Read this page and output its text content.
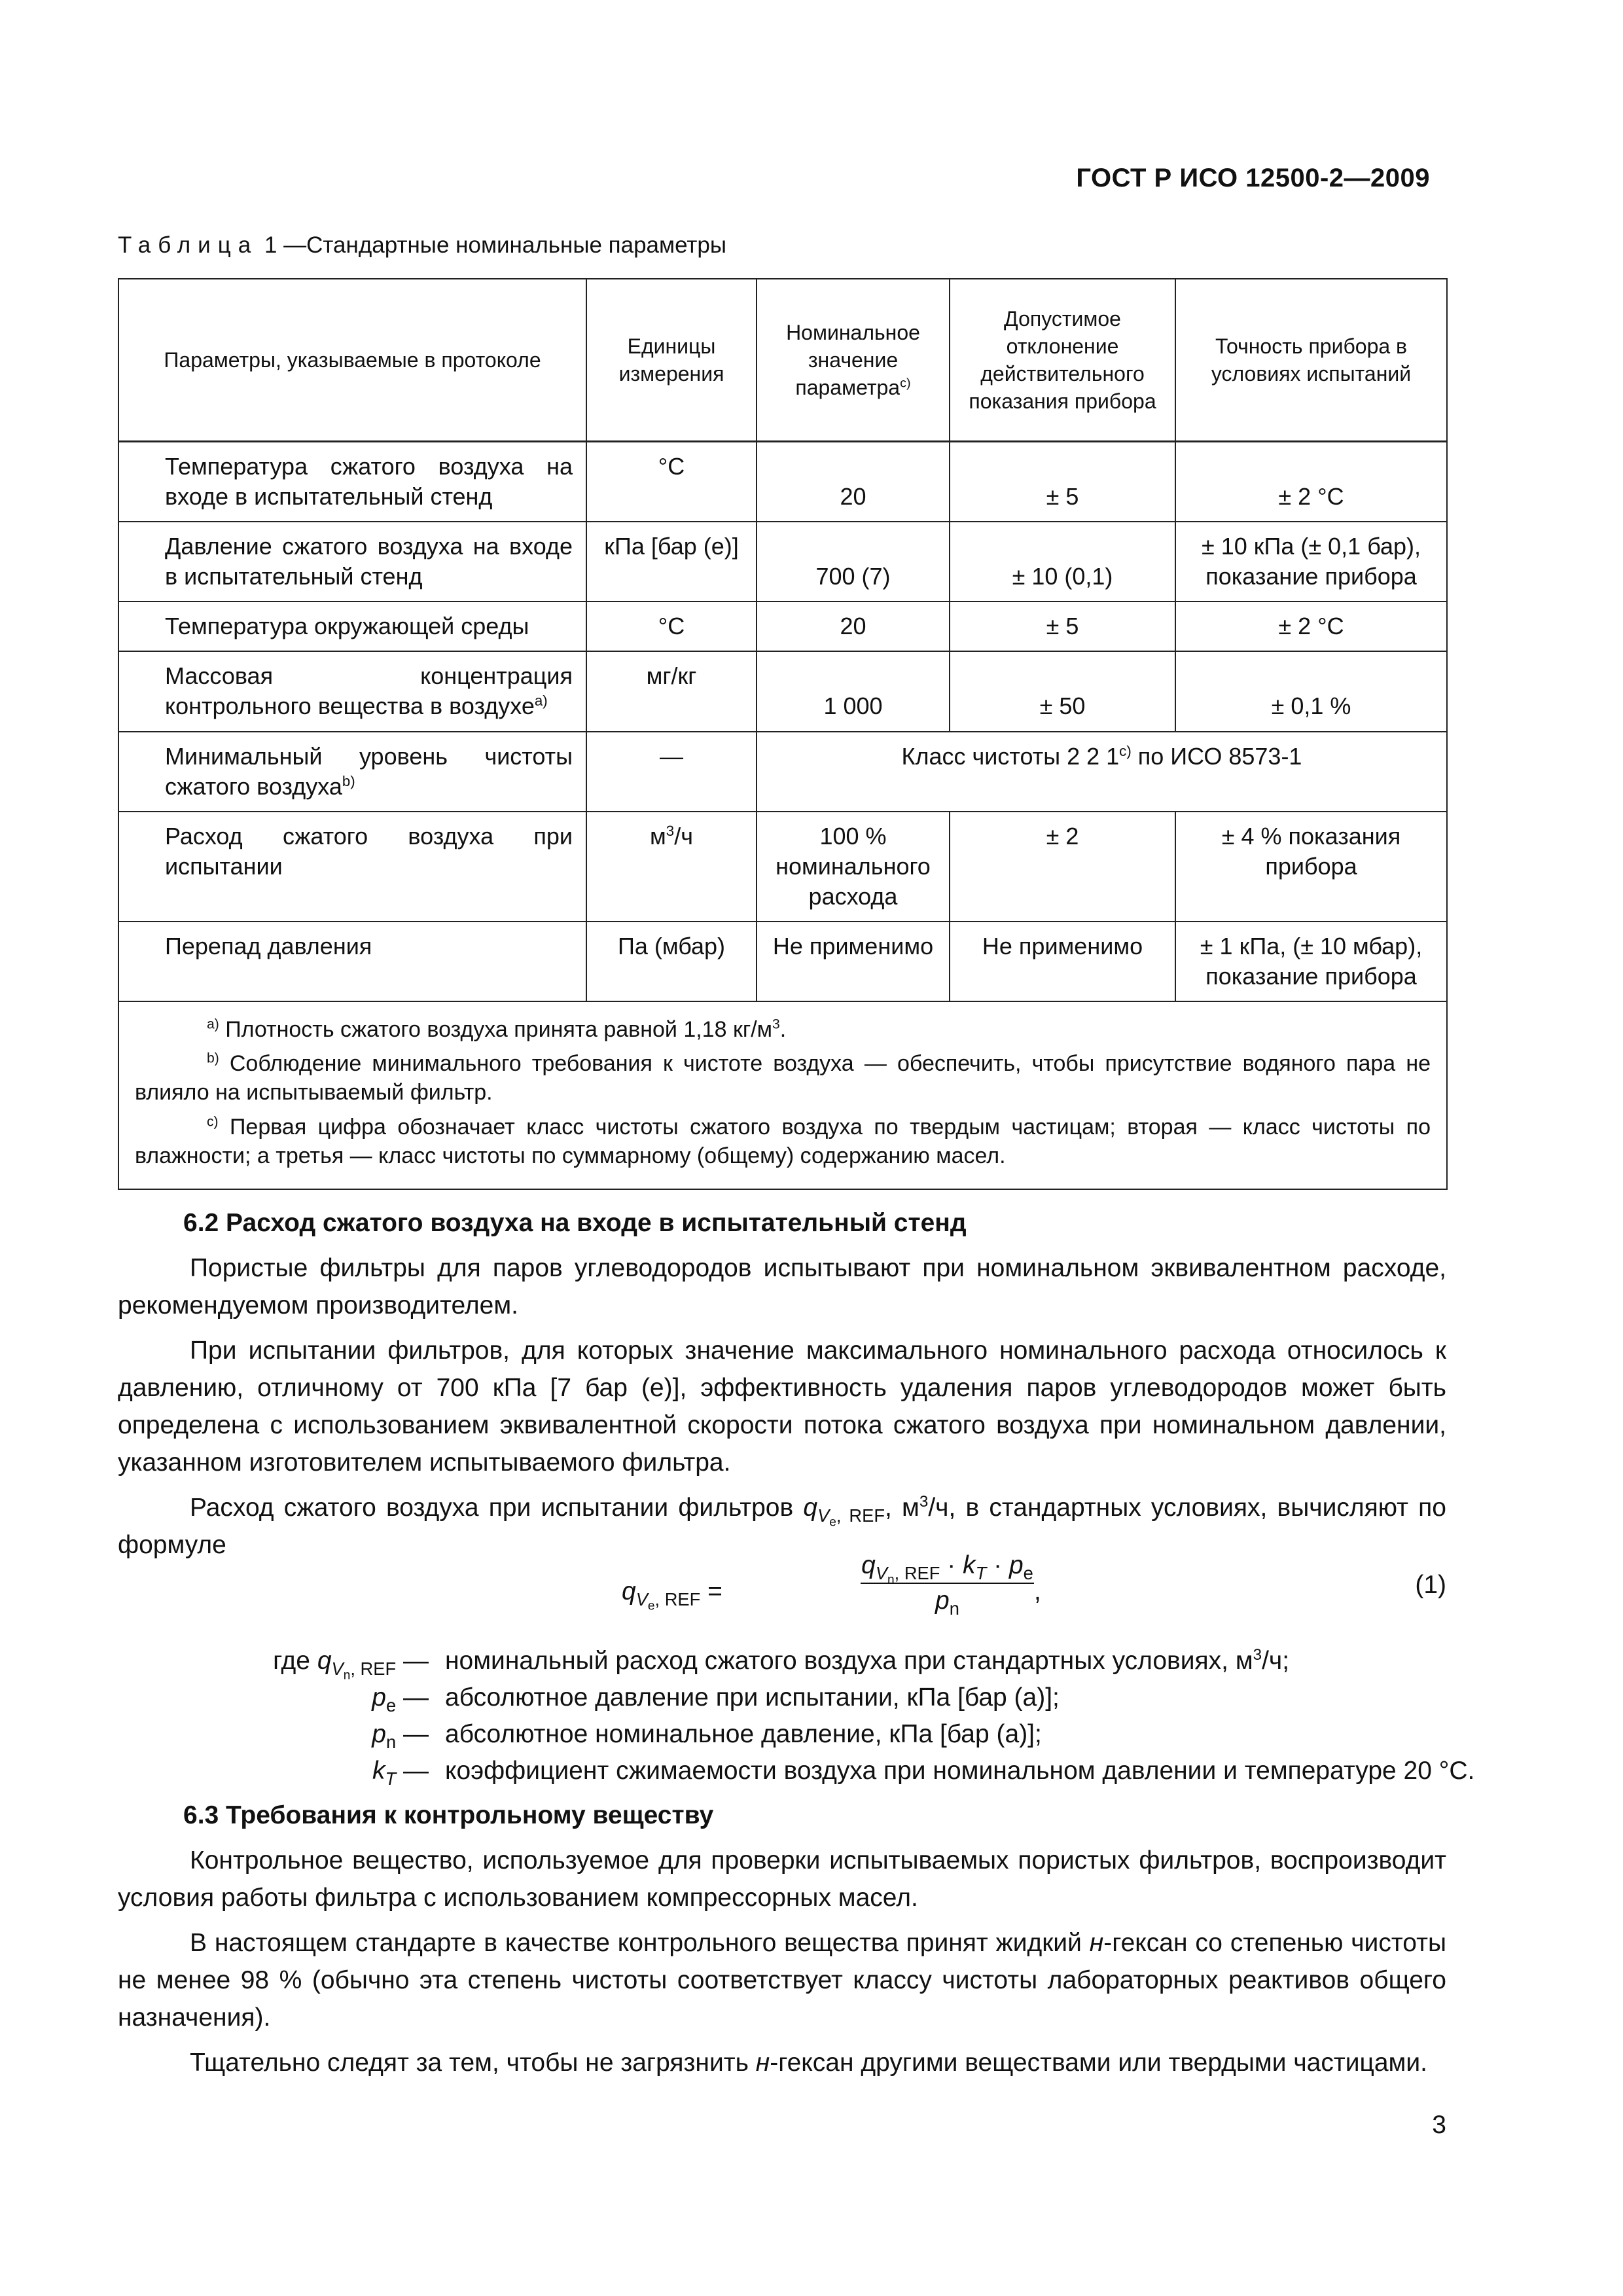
ГОСТ Р ИСО 12500-2—2009
Таблица 1 —Стандартные номинальные параметры
Параметры, указываемые в протоколе	Единицы измерения	Номинальное значение параметра$^{c)}$	Допустимое отклонение действительного показания прибора	Точность прибора в условиях испытаний
Температура сжатого воздуха на входе в испытательный стенд	°С	20	± 5	± 2 °С
Давление сжатого воздуха на входе в испытательный стенд	кПа [бар (е)]	700 (7)	± 10 (0,1)	± 10 кПа (± 0,1 бар), показание прибора
Температура окружающей среды	°С	20	± 5	± 2 °С
Массовая концентрация контрольного вещества в воздухе$^{a)}$	мг/кг	1 000	± 50	± 0,1 %
Минимальный уровень чистоты сжатого воздуха$^{b)}$	—	Класс чистоты 2 2 1$^{c)}$ по ИСО 8573-1		
Расход сжатого воздуха при испытании	$м^3/ч$	100 % номинального расхода	± 2	± 4 % показания прибора
Перепад давления	Па (мбар)	Не применимо	Не применимо	± 1 кПа, (± 10 мбар), показание прибора

$^{a)}$ Плотность сжатого воздуха принята равной 1,18 $кг/м^3$.

$^{b)}$ Соблюдение минимального требования к чистоте воздуха — обеспечить, чтобы присутствие водяного пара не влияло на испытываемый фильтр.

$^{c)}$ Первая цифра обозначает класс чистоты сжатого воздуха по твердым частицам; вторая — класс чистоты по влажности; а третья — класс чистоты по суммарному (общему) содержанию масел.				

6.2 Расход сжатого воздуха на входе в испытательный стенд

Пористые фильтры для паров углеводородов испытывают при номинальном эквивалентном расходе, рекомендуемом производителем.

При испытании фильтров, для которых значение максимального номинального расхода относилось к давлению, отличному от 700 кПа [7 бар (е)], эффективность удаления паров углеводородов может быть определена с использованием эквивалентной скорости потока сжатого воздуха при номинальном давлении, указанном изготовителем испытываемого фильтра.

Расход сжатого воздуха при испытании фильтров $q_{V_e, REF}$, $м^3/ч$, в стандартных условиях, вычисляют по формуле

$q_{V_e, REF}$ =
$q_{V_n, REF} \cdot k_T \cdot p_e$
$p_n$
,	(1)
где $q_{V_n, REF}$ — номинальный расход сжатого воздуха при стандартных условиях, $м^3/ч$;
$p_e$ — абсолютное давление при испытании, кПа [бар (а)];
$p_n$ — абсолютное номинальное давление, кПа [бар (а)];
$k_T$ — коэффициент сжимаемости воздуха при номинальном давлении и температуре 20 °С.
6.3 Требования к контрольному веществу

Контрольное вещество, используемое для проверки испытываемых пористых фильтров, воспроизводит условия работы фильтра с использованием компрессорных масел.

В настоящем стандарте в качестве контрольного вещества принят жидкий н-гексан со степенью чистоты не менее 98 % (обычно эта степень чистоты соответствует классу чистоты лабораторных реактивов общего назначения).

Тщательно следят за тем, чтобы не загрязнить н-гексан другими веществами или твердыми частицами.

3
